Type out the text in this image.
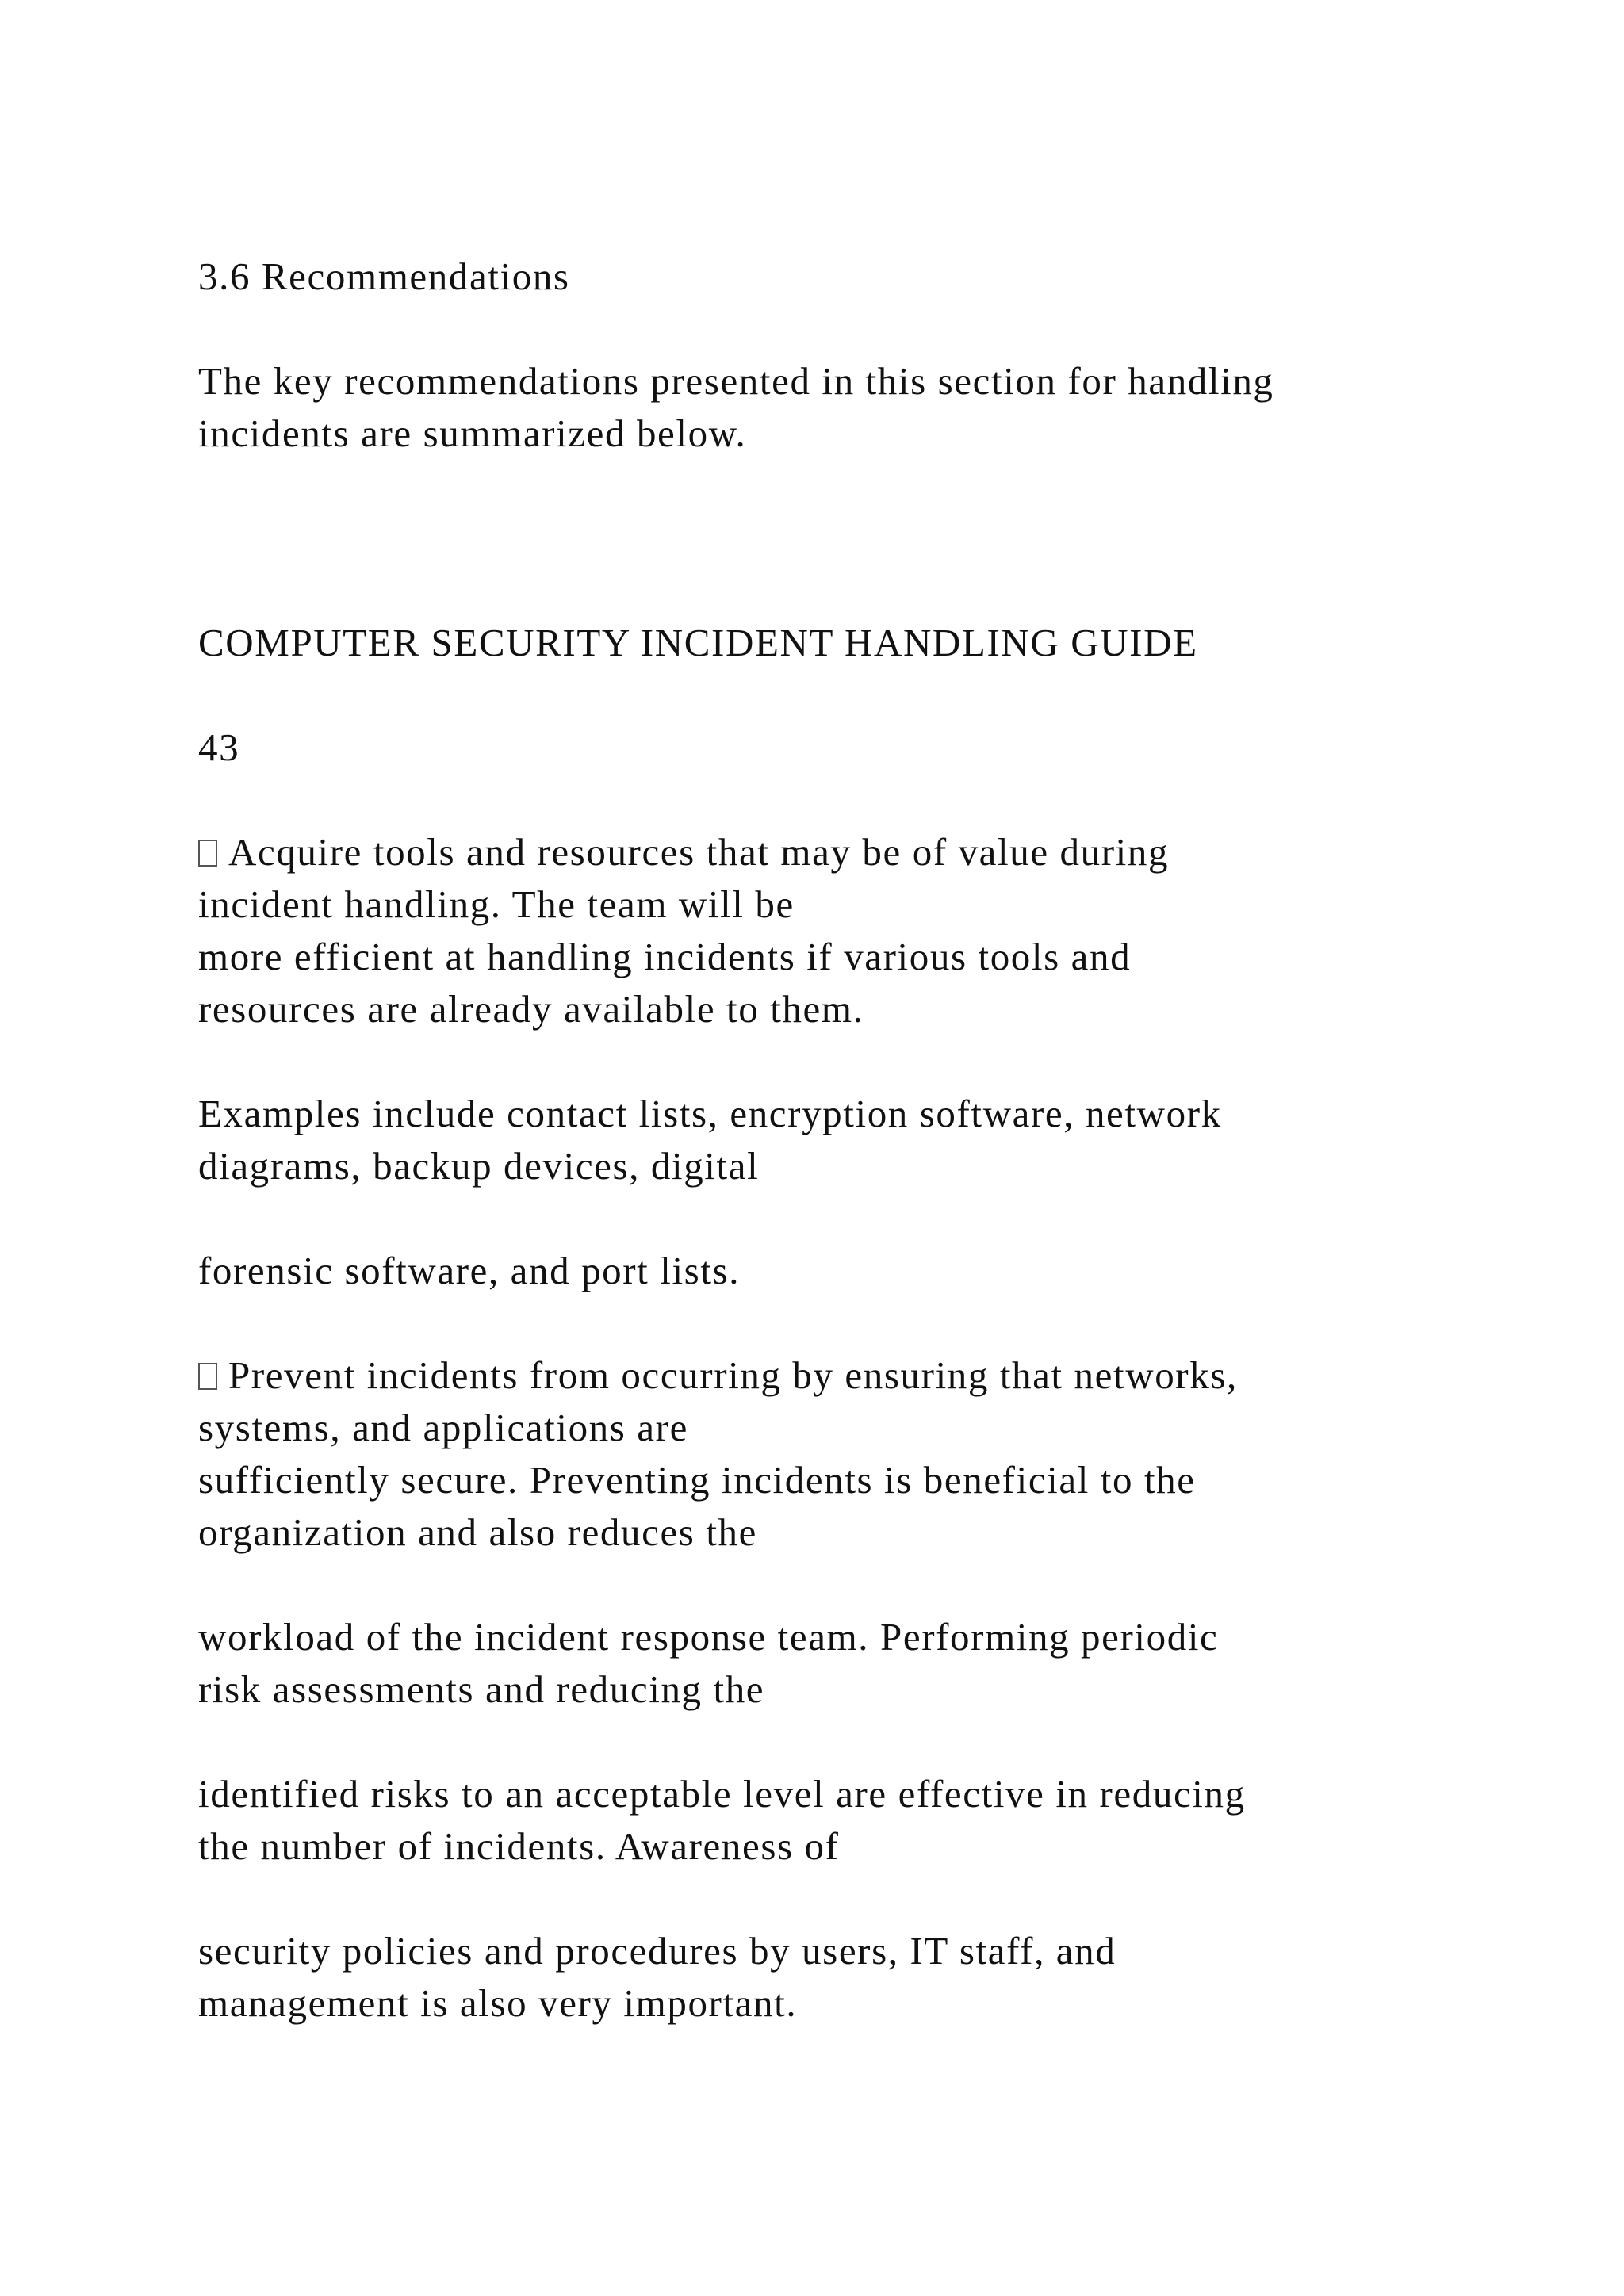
3.6 Recommendations
The key recommendations presented in this section for handling
incidents are summarized below.
COMPUTER SECURITY INCIDENT HANDLING GUIDE
43
Acquire tools and resources that may be of value during
incident handling. The team will be
more efficient at handling incidents if various tools and
resources are already available to them.
Examples include contact lists, encryption software, network
diagrams, backup devices, digital
forensic software, and port lists.
Prevent incidents from occurring by ensuring that networks,
systems, and applications are
sufficiently secure. Preventing incidents is beneficial to the
organization and also reduces the
workload of the incident response team. Performing periodic
risk assessments and reducing the
identified risks to an acceptable level are effective in reducing
the number of incidents. Awareness of
security policies and procedures by users, IT staff, and
management is also very important.
